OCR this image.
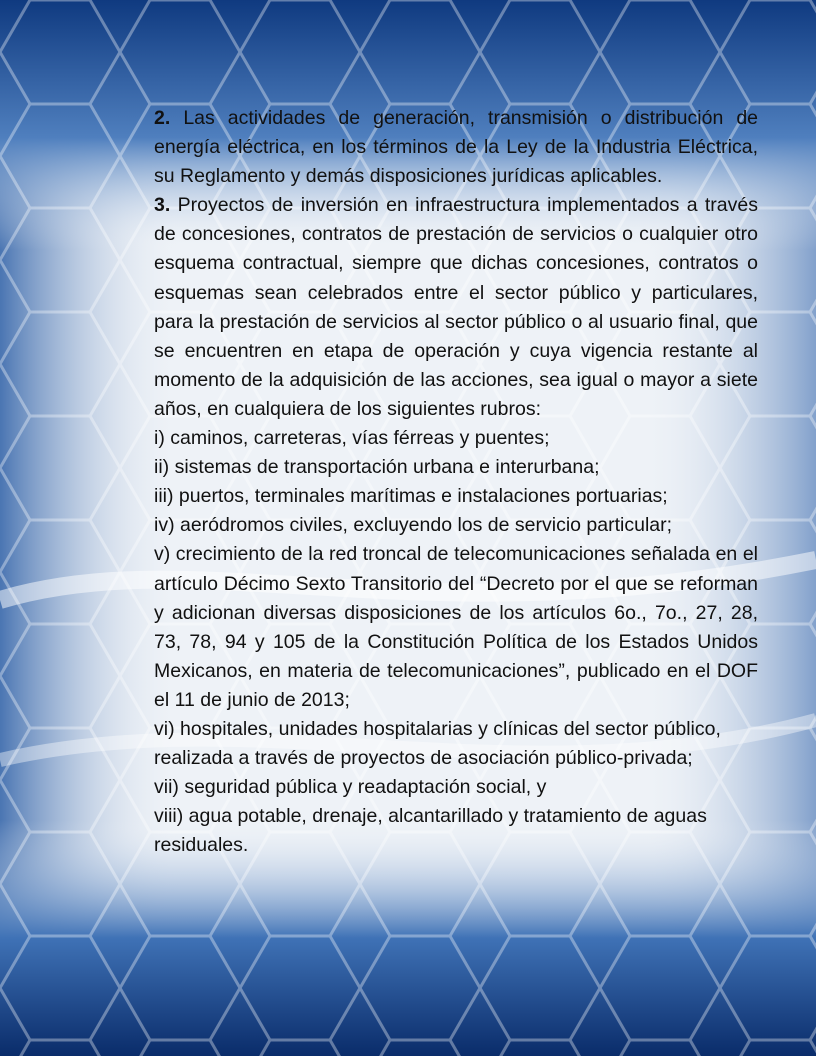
2. Las actividades de generación, transmisión o distribución de energía eléctrica, en los términos de la Ley de la Industria Eléctrica, su Reglamento y demás disposiciones jurídicas aplicables.

3. Proyectos de inversión en infraestructura implementados a través de concesiones, contratos de prestación de servicios o cualquier otro esquema contractual, siempre que dichas concesiones, contratos o esquemas sean celebrados entre el sector público y particulares, para la prestación de servicios al sector público o al usuario final, que se encuentren en etapa de operación y cuya vigencia restante al momento de la adquisición de las acciones, sea igual o mayor a siete años, en cualquiera de los siguientes rubros:

i) caminos, carreteras, vías férreas y puentes;

ii) sistemas de transportación urbana e interurbana;

iii) puertos, terminales marítimas e instalaciones portuarias;

iv) aeródromos civiles, excluyendo los de servicio particular;

v) crecimiento de la red troncal de telecomunicaciones señalada en el artículo Décimo Sexto Transitorio del “Decreto por el que se reforman y adicionan diversas disposiciones de los artículos 6o., 7o., 27, 28, 73, 78, 94 y 105 de la Constitución Política de los Estados Unidos Mexicanos, en materia de telecomunicaciones”, publicado en el DOF el 11 de junio de 2013;

vi) hospitales, unidades hospitalarias y clínicas del sector público, realizada a través de proyectos de asociación público-privada;

vii) seguridad pública y readaptación social, y

viii) agua potable, drenaje, alcantarillado y tratamiento de aguas residuales.
